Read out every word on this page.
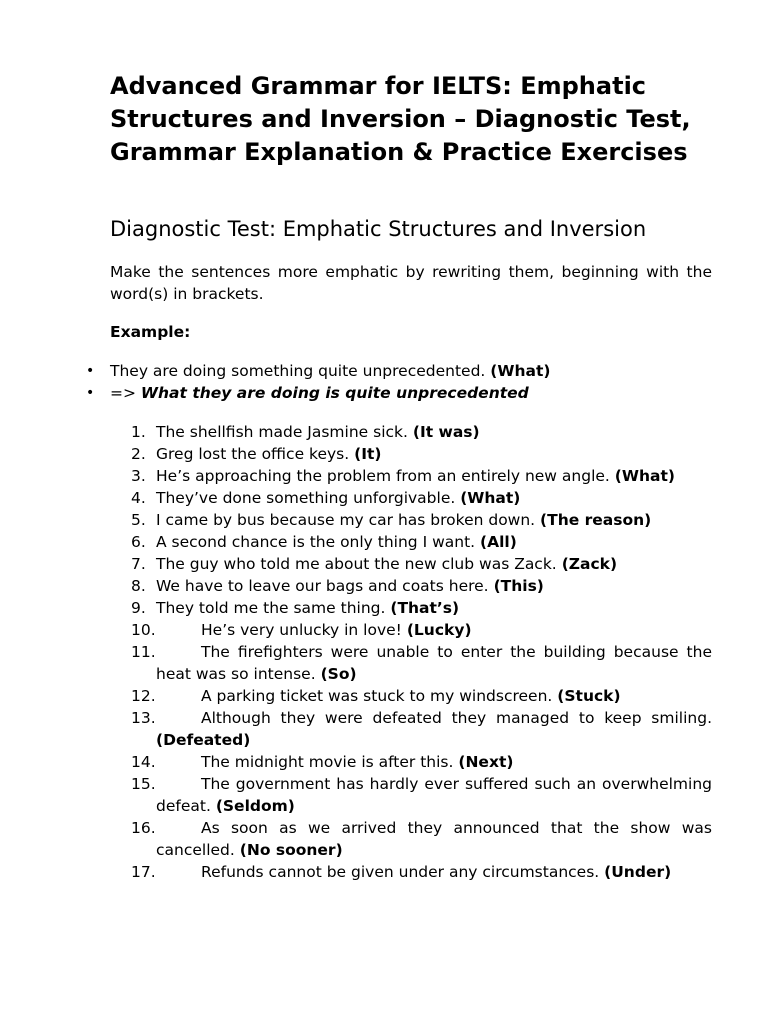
Advanced Grammar for IELTS: Emphatic Structures and Inversion – Diagnostic Test, Grammar Explanation & Practice Exercises
Diagnostic Test: Emphatic Structures and Inversion

Make the sentences more emphatic by rewriting them, beginning with the word(s) in brackets.

Example:

• They are doing something quite unprecedented. (What)
• => What they are doing is quite unprecedented
1. The shellfish made Jasmine sick. (It was)
2. Greg lost the office keys. (It)
3. He’s approaching the problem from an entirely new angle. (What)
4. They’ve done something unforgivable. (What)
5. I came by bus because my car has broken down. (The reason)
6. A second chance is the only thing I want. (All)
7. The guy who told me about the new club was Zack. (Zack)
8. We have to leave our bags and coats here. (This)
9. They told me the same thing. (That’s)
10.	He’s very unlucky in love! (Lucky)
11.	The firefighters were unable to enter the building because the heat was so intense. (So)
12.	A parking ticket was stuck to my windscreen. (Stuck)
13.	Although they were defeated they managed to keep smiling. (Defeated)
14.	The midnight movie is after this. (Next)
15.	The government has hardly ever suffered such an overwhelming defeat. (Seldom)
16.	As soon as we arrived they announced that the show was cancelled. (No sooner)
17.	Refunds cannot be given under any circumstances. (Under)
